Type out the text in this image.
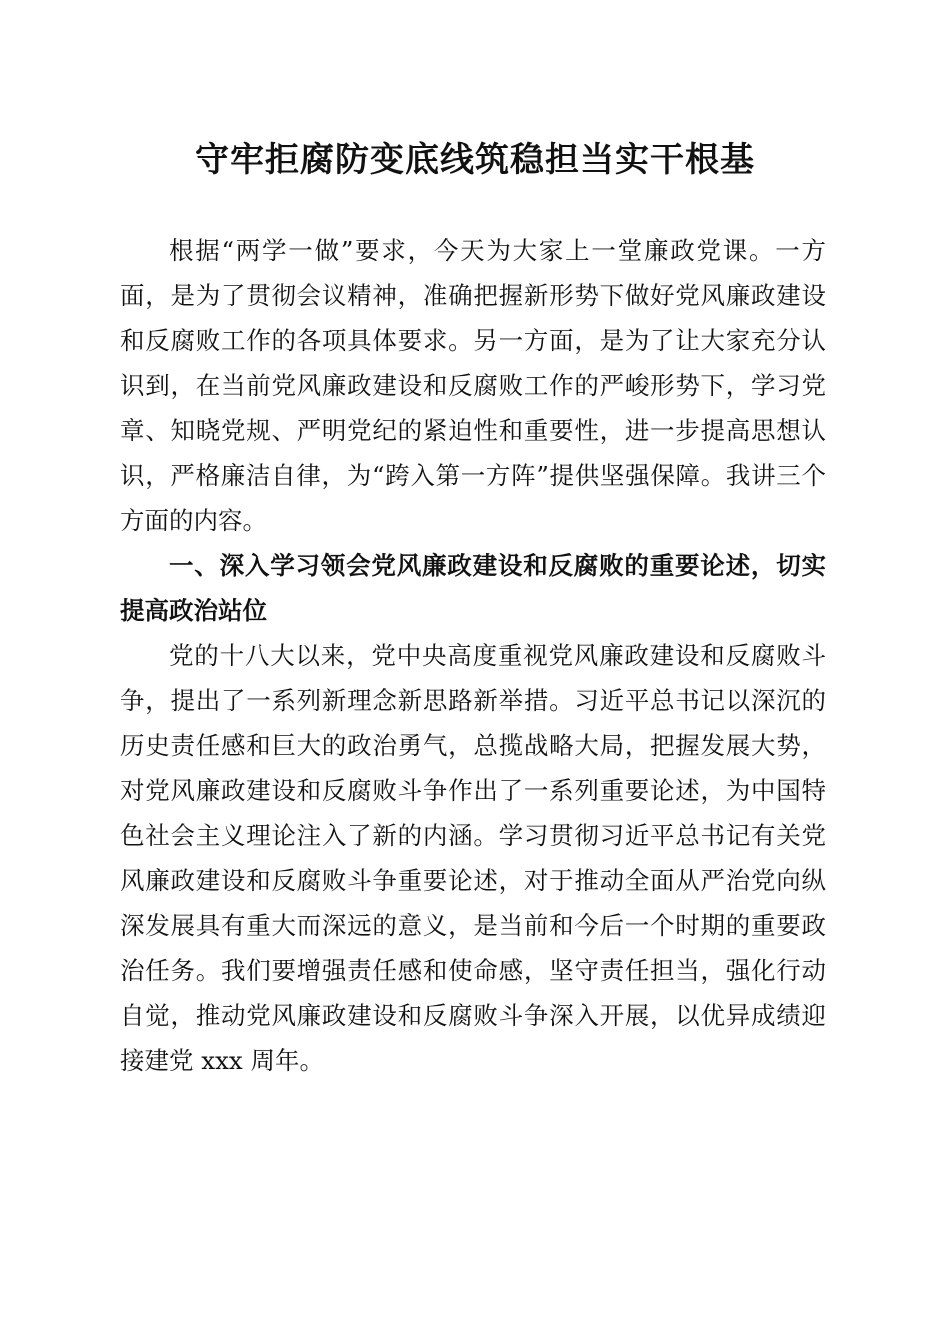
守牢拒腐防变底线筑稳担当实干根基

根据“两学一做”要求，今天为大家上一堂廉政党课。一方面，是为了贯彻会议精神，准确把握新形势下做好党风廉政建设和反腐败工作的各项具体要求。另一方面，是为了让大家充分认识到，在当前党风廉政建设和反腐败工作的严峻形势下，学习党章、知晓党规、严明党纪的紧迫性和重要性，进一步提高思想认识，严格廉洁自律，为“跨入第一方阵”提供坚强保障。我讲三个方面的内容。

一、深入学习领会党风廉政建设和反腐败的重要论述，切实提高政治站位

党的十八大以来，党中央高度重视党风廉政建设和反腐败斗争，提出了一系列新理念新思路新举措。习近平总书记以深沉的历史责任感和巨大的政治勇气，总揽战略大局，把握发展大势，对党风廉政建设和反腐败斗争作出了一系列重要论述，为中国特色社会主义理论注入了新的内涵。学习贯彻习近平总书记有关党风廉政建设和反腐败斗争重要论述，对于推动全面从严治党向纵深发展具有重大而深远的意义，是当前和今后一个时期的重要政治任务。我们要增强责任感和使命感，坚守责任担当，强化行动自觉，推动党风廉政建设和反腐败斗争深入开展，以优异成绩迎接建党 xxx 周年。
